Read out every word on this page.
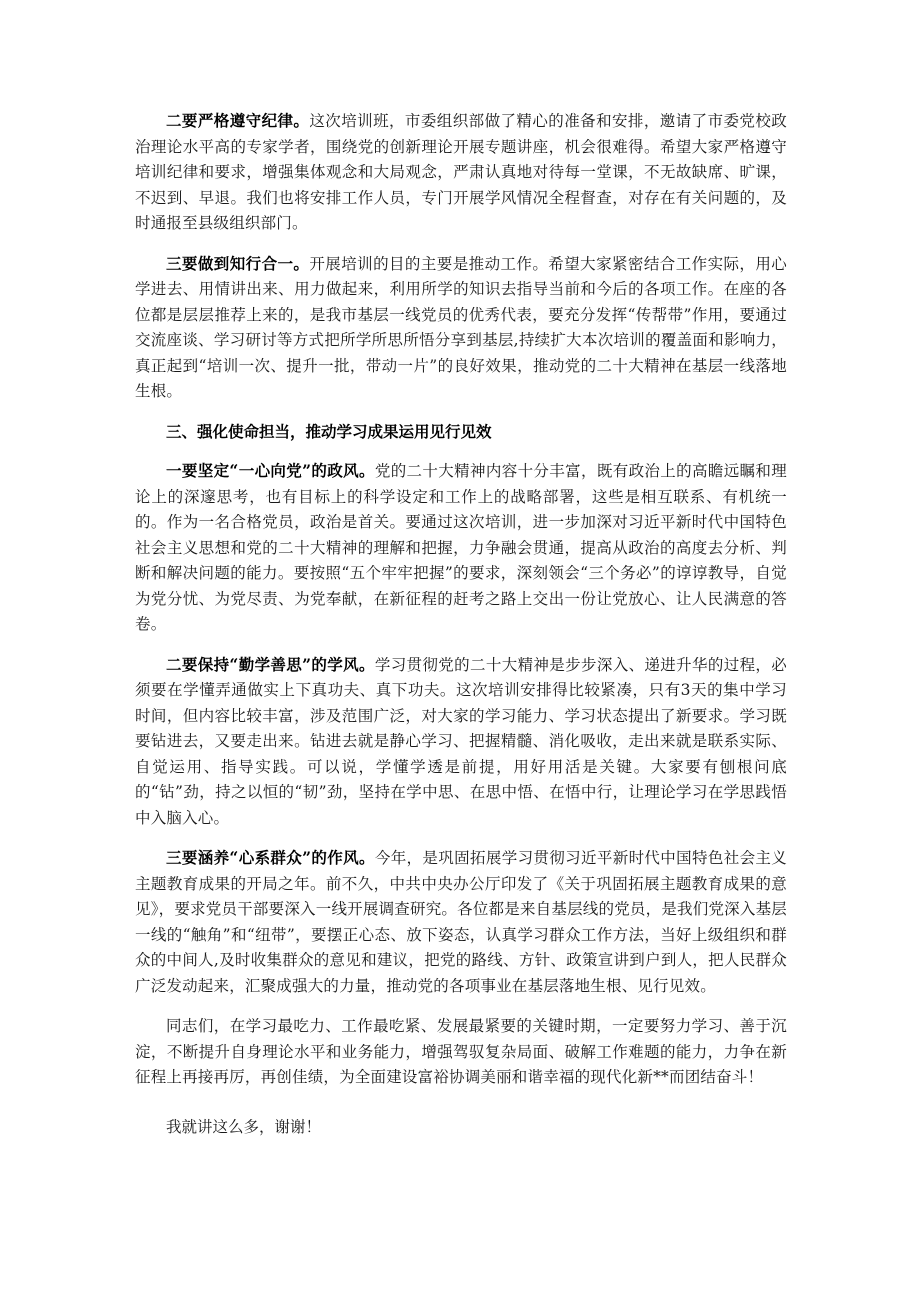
二要严格遵守纪律。这次培训班，市委组织部做了精心的准备和安排，邀请了市委党校政治理论水平高的专家学者，围绕党的创新理论开展专题讲座，机会很难得。希望大家严格遵守培训纪律和要求，增强集体观念和大局观念，严肃认真地对待每一堂课，不无故缺席、旷课，不迟到、早退。我们也将安排工作人员，专门开展学风情况全程督查，对存在有关问题的，及时通报至县级组织部门。

三要做到知行合一。开展培训的目的主要是推动工作。希望大家紧密结合工作实际，用心学进去、用情讲出来、用力做起来，利用所学的知识去指导当前和今后的各项工作。在座的各位都是层层推荐上来的，是我市基层一线党员的优秀代表，要充分发挥“传帮带”作用，要通过交流座谈、学习研讨等方式把所学所思所悟分享到基层,持续扩大本次培训的覆盖面和影响力，真正起到“培训一次、提升一批，带动一片”的良好效果，推动党的二十大精神在基层一线落地生根。

三、强化使命担当，推动学习成果运用见行见效

一要坚定“一心向党”的政风。党的二十大精神内容十分丰富，既有政治上的高瞻远瞩和理论上的深邃思考，也有目标上的科学设定和工作上的战略部署，这些是相互联系、有机统一的。作为一名合格党员，政治是首关。要通过这次培训，进一步加深对习近平新时代中国特色社会主义思想和党的二十大精神的理解和把握，力争融会贯通，提高从政治的高度去分析、判断和解决问题的能力。要按照“五个牢牢把握”的要求，深刻领会“三个务必”的谆谆教导，自觉为党分忧、为党尽责、为党奉献，在新征程的赶考之路上交出一份让党放心、让人民满意的答卷。

二要保持“勤学善思”的学风。学习贯彻党的二十大精神是步步深入、递进升华的过程，必须要在学懂弄通做实上下真功夫、真下功夫。这次培训安排得比较紧凑，只有3天的集中学习时间，但内容比较丰富，涉及范围广泛，对大家的学习能力、学习状态提出了新要求。学习既要钻进去，又要走出来。钻进去就是静心学习、把握精髓、消化吸收，走出来就是联系实际、自觉运用、指导实践。可以说，学懂学透是前提，用好用活是关键。大家要有刨根问底的“钻”劲，持之以恒的“韧”劲，坚持在学中思、在思中悟、在悟中行，让理论学习在学思践悟中入脑入心。

三要涵养“心系群众”的作风。今年，是巩固拓展学习贯彻习近平新时代中国特色社会主义主题教育成果的开局之年。前不久，中共中央办公厅印发了《关于巩固拓展主题教育成果的意见》，要求党员干部要深入一线开展调查研究。各位都是来自基层线的党员，是我们党深入基层一线的“触角”和“纽带”，要摆正心态、放下姿态，认真学习群众工作方法，当好上级组织和群众的中间人,及时收集群众的意见和建议，把党的路线、方针、政策宣讲到户到人，把人民群众广泛发动起来，汇聚成强大的力量，推动党的各项事业在基层落地生根、见行见效。

同志们，在学习最吃力、工作最吃紧、发展最紧要的关键时期，一定要努力学习、善于沉淀，不断提升自身理论水平和业务能力，增强驾驭复杂局面、破解工作难题的能力，力争在新征程上再接再厉，再创佳绩，为全面建设富裕协调美丽和谐幸福的现代化新**而团结奋斗！

我就讲这么多，谢谢！
